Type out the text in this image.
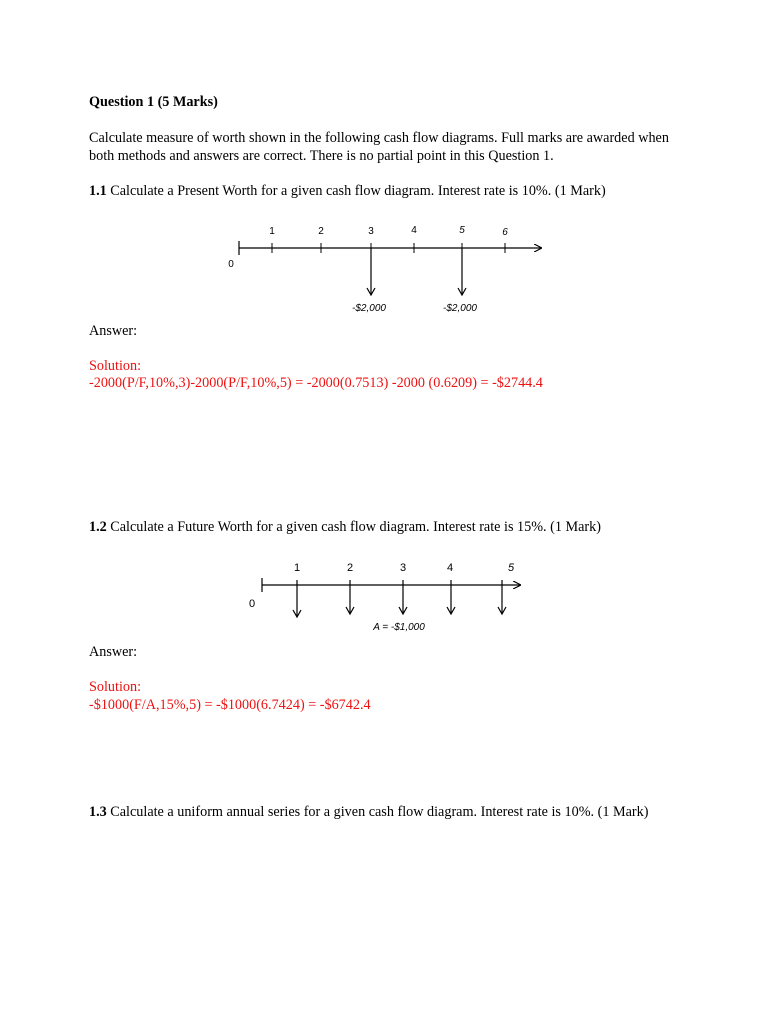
Question 1 (5 Marks)
Calculate measure of worth shown in the following cash flow diagrams. Full marks are awarded when both methods and answers are correct. There is no partial point in this Question 1.
1.1 Calculate a Present Worth for a given cash flow diagram. Interest rate is 10%. (1 Mark)
0
1	2	3	4	5	6
-$2,000	-$2,000
0
1	2	3	4	5
A = -$1,000
Answer:
Solution:
-2000(P/F,10%,3)-2000(P/F,10%,5) = -2000(0.7513) -2000 (0.6209) = -$2744.4
1.2 Calculate a Future Worth for a given cash flow diagram. Interest rate is 15%. (1 Mark)
Answer:
Solution:
-$1000(F/A,15%,5) = -$1000(6.7424) = -$6742.4
1.3 Calculate a uniform annual series for a given cash flow diagram. Interest rate is 10%. (1 Mark)
